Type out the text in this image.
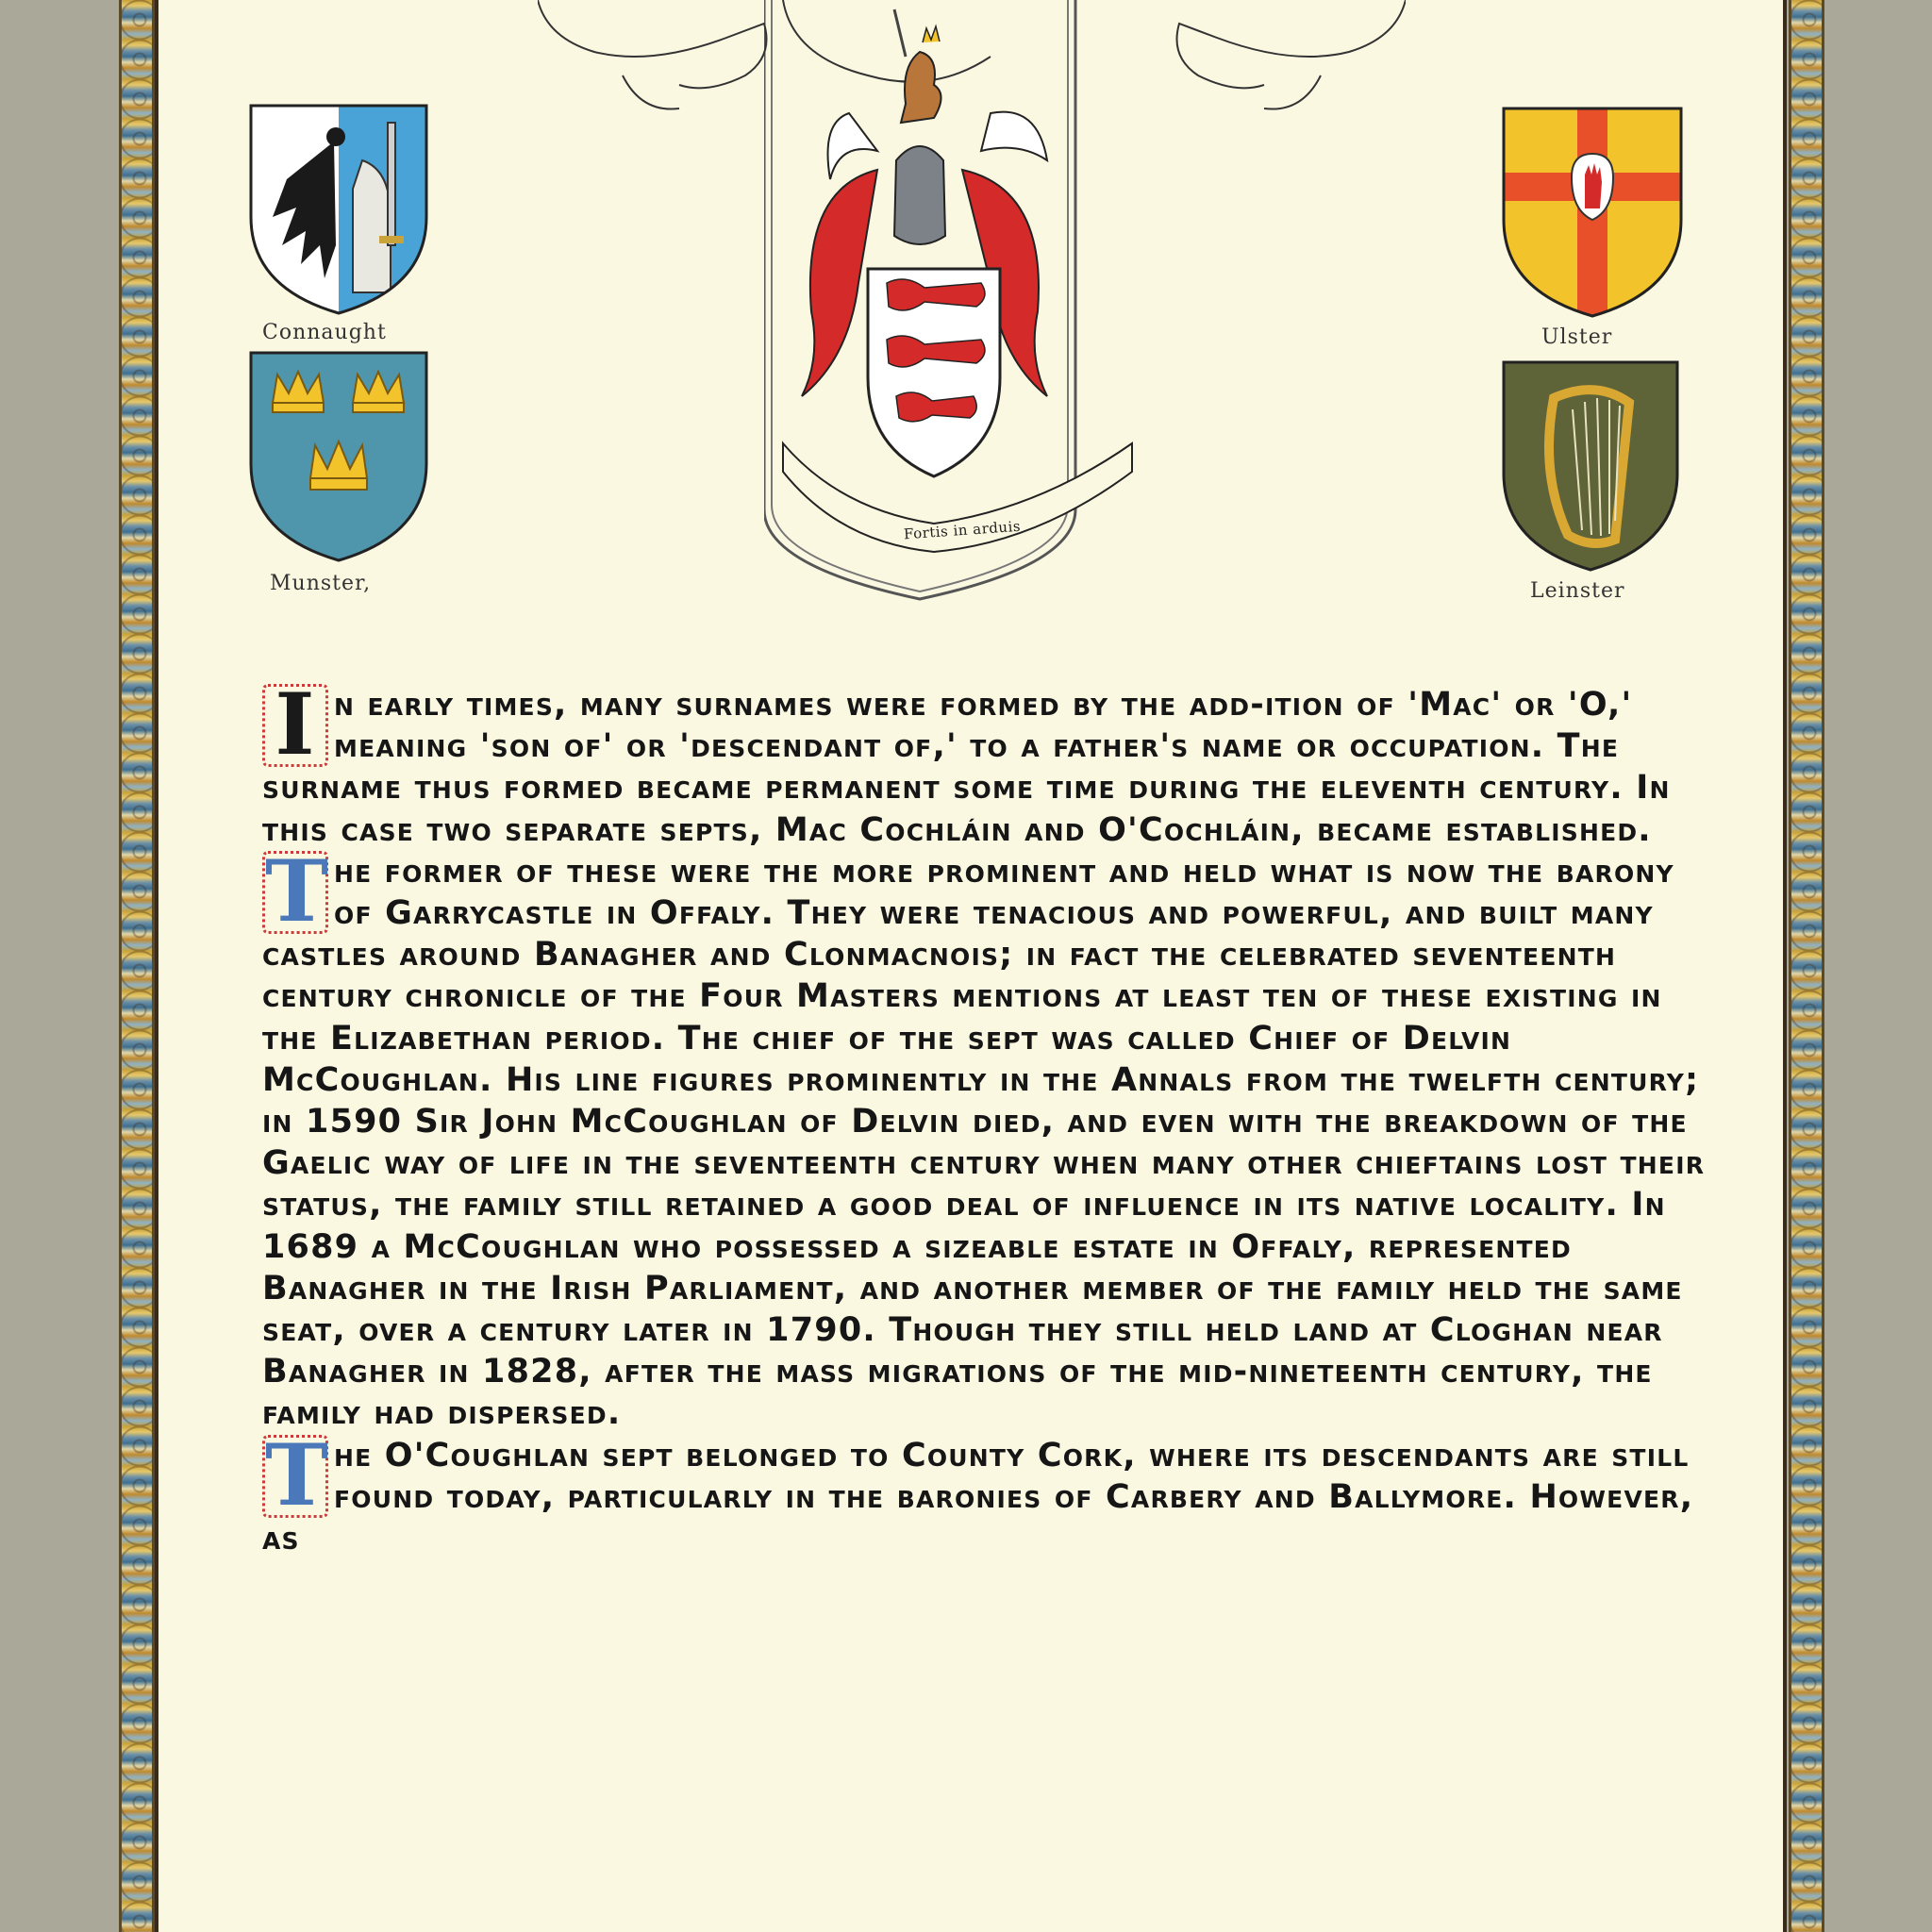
Connaught
Munster,
Ulster
Leinster
Fortis in arduis

I n early times, many surnames were formed by the add-ition of 'Mac' or 'O,' meaning 'son of' or 'descendant of,' to a father's name or occupation. The surname thus formed became permanent some time during the eleventh century. In this case two separate septs, Mac Cochláin and O'Cochláin, became established.

T he former of these were the more prominent and held what is now the barony of Garrycastle in Offaly. They were tenacious and powerful, and built many castles around Banagher and Clonmacnois; in fact the celebrated seventeenth century chronicle of the Four Masters mentions at least ten of these existing in the Elizabethan period. The chief of the sept was called Chief of Delvin McCoughlan. His line figures prominently in the Annals from the twelfth century; in 1590 Sir John McCoughlan of Delvin died, and even with the breakdown of the Gaelic way of life in the seventeenth century when many other chieftains lost their status, the family still retained a good deal of influence in its native locality. In 1689 a McCoughlan who possessed a sizeable estate in Offaly, represented Banagher in the Irish Parliament, and another member of the family held the same seat, over a century later in 1790. Though they still held land at Cloghan near Banagher in 1828, after the mass migrations of the mid-nineteenth century, the family had dispersed.

T he O'Coughlan sept belonged to County Cork, where its descendants are still found today, particularly in the baronies of Carbery and Ballymore. However, as
